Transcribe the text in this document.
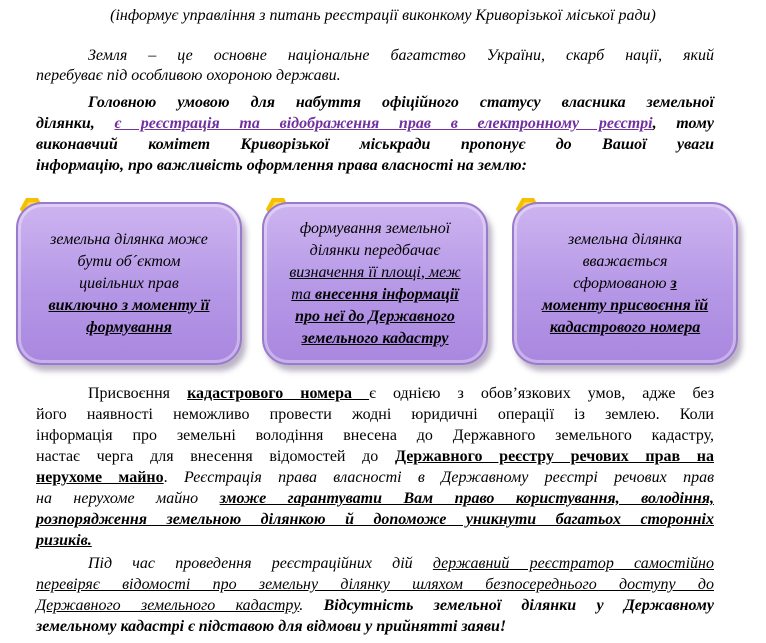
(інформує управління з питань реєстрації виконкому Криворізької міської ради)
Земля – це основне національне багатство України, скарб нації, який
перебуває під особливою охороною держави.
Головною умовою для набуття офіційного статусу власника земельної
ділянки, є реєстрація та відображення прав в електронному реєстрі, тому
виконавчий комітет Криворізької міськради пропонує до Вашої уваги
інформацію, про важливість оформлення права власності на землю:
земельна ділянка може
бути об´єктом
цивільних прав
виключно з моменту її
формування
формування земельної
ділянки передбачає
визначення її площі, меж
та внесення інформації
про неї до Державного
земельного кадастру
земельна ділянка
вважається
сформованою з
моменту присвоєння їй
кадастрового номера
Присвоєння кадастрового номера є однією з обов’язкових умов, адже без
його наявності неможливо провести жодні юридичні операції із землею. Коли
інформація про земельні володіння внесена до Державного земельного кадастру,
настає черга для внесення відомостей до Державного реєстру речових прав на
нерухоме майно. Реєстрація права власності в Державному реєстрі речових прав
на нерухоме майно зможе гарантувати Вам право користування, володіння,
розпорядження земельною ділянкою й допоможе уникнути багатьох сторонніх
ризиків.
Під час проведення реєстраційних дій державний реєстратор самостійно
перевіряє відомості про земельну ділянку шляхом безпосереднього доступу до
Державного земельного кадастру. Відсутність земельної ділянки у Державному
земельному кадастрі є підставою для відмови у прийнятті заяви!
